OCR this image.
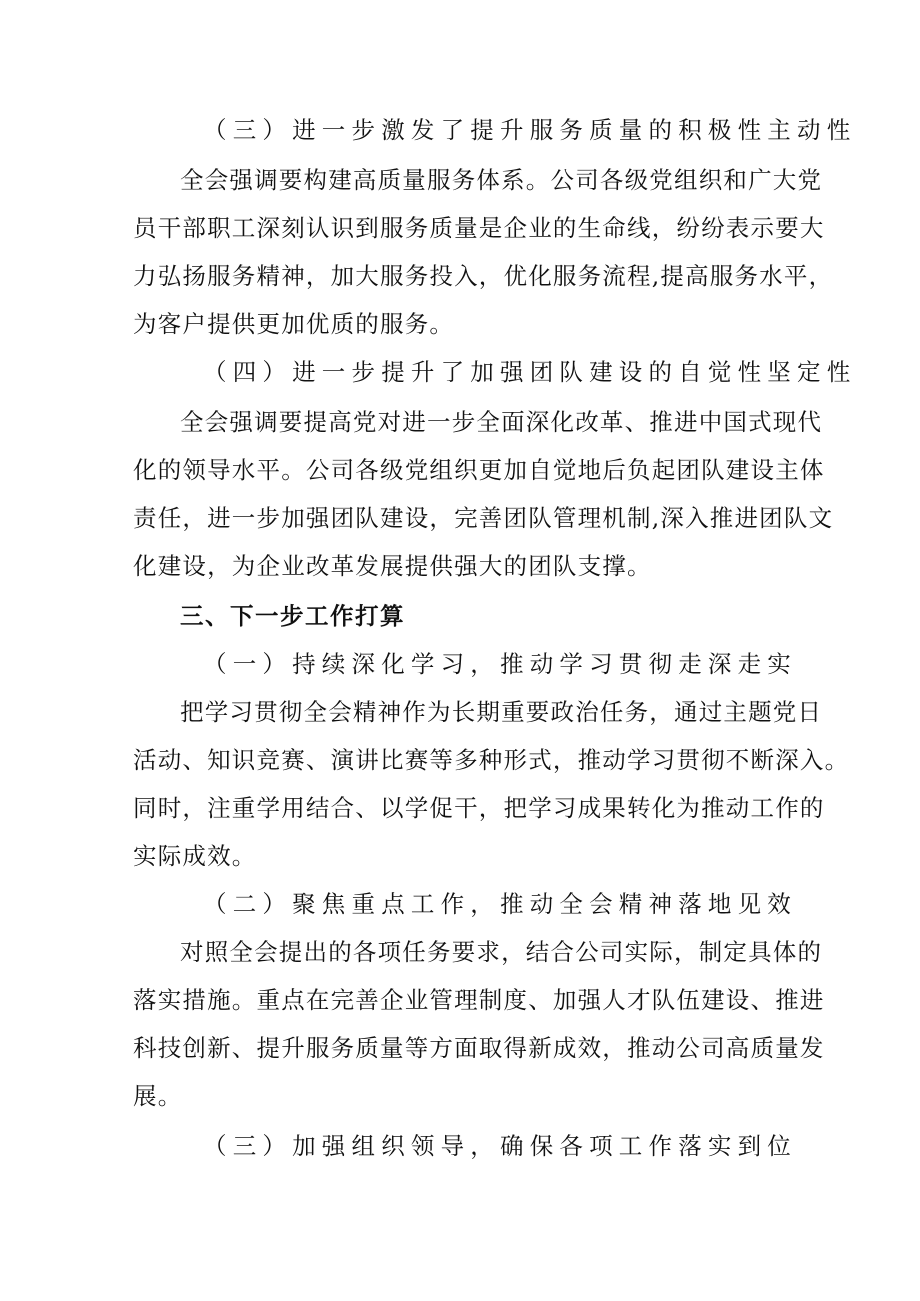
（三）进一步激发了提升服务质量的积极性主动性
全会强调要构建高质量服务体系。公司各级党组织和广大党
员干部职工深刻认识到服务质量是企业的生命线，纷纷表示要大
力弘扬服务精神，加大服务投入，优化服务流程,提高服务水平，
为客户提供更加优质的服务。
（四）进一步提升了加强团队建设的自觉性坚定性
全会强调要提高党对进一步全面深化改革、推进中国式现代
化的领导水平。公司各级党组织更加自觉地后负起团队建设主体
责任，进一步加强团队建设，完善团队管理机制,深入推进团队文
化建设，为企业改革发展提供强大的团队支撑。
三、下一步工作打算
（一）持续深化学习，推动学习贯彻走深走实
把学习贯彻全会精神作为长期重要政治任务，通过主题党日
活动、知识竞赛、演讲比赛等多种形式，推动学习贯彻不断深入。
同时，注重学用结合、以学促干，把学习成果转化为推动工作的
实际成效。
（二）聚焦重点工作，推动全会精神落地见效
对照全会提出的各项任务要求，结合公司实际，制定具体的
落实措施。重点在完善企业管理制度、加强人才队伍建设、推进
科技创新、提升服务质量等方面取得新成效，推动公司高质量发
展。
（三）加强组织领导，确保各项工作落实到位
